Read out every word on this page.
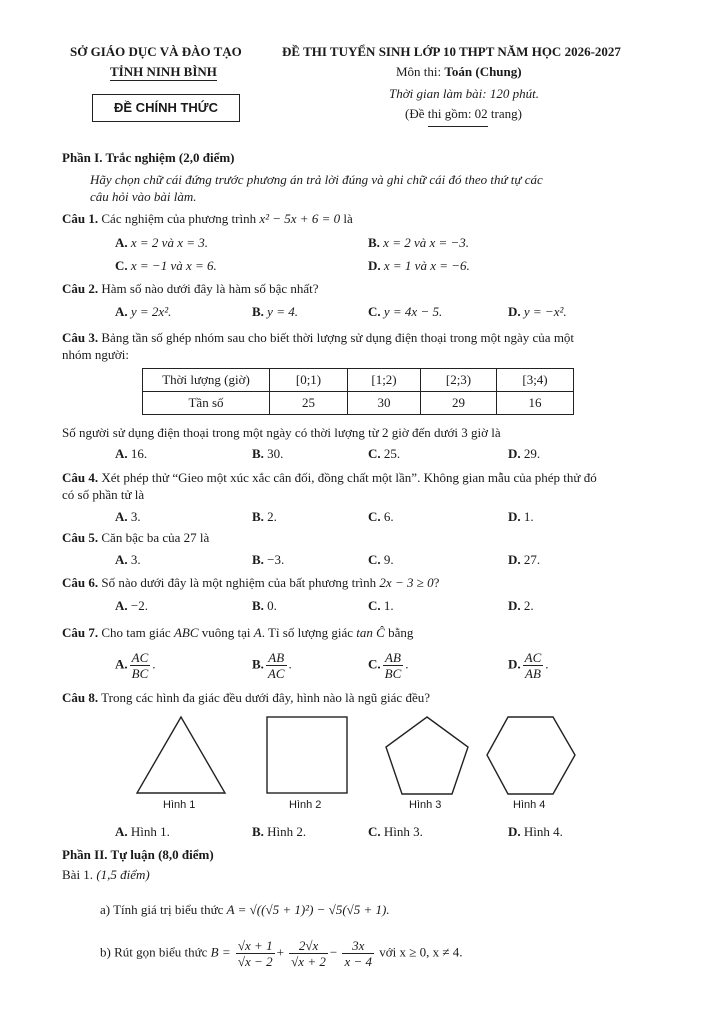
SỞ GIÁO DỤC VÀ ĐÀO TẠO
TỈNH NINH BÌNH
ĐỀ CHÍNH THỨC
ĐỀ THI TUYỂN SINH LỚP 10 THPT NĂM HỌC 2026-2027
Môn thi: Toán (Chung)
Thời gian làm bài: 120 phút.
(Đề thi gồm: 02 trang)
Phần I. Trắc nghiệm (2,0 điểm)
Hãy chọn chữ cái đứng trước phương án trả lời đúng và ghi chữ cái đó theo thứ tự các
câu hỏi vào bài làm.
Câu 1. Các nghiệm của phương trình x² − 5x + 6 = 0 là
A. x = 2 và x = 3.	B. x = 2 và x = −3.
C. x = −1 và x = 6.	D. x = 1 và x = −6.
Câu 2. Hàm số nào dưới đây là hàm số bậc nhất?
A. y = 2x².	B. y = 4.	C. y = 4x − 5.	D. y = −x².
Câu 3. Bảng tần số ghép nhóm sau cho biết thời lượng sử dụng điện thoại trong một ngày của một
nhóm người:
Thời lượng (giờ)	[0;1)	[1;2)	[2;3)	[3;4)
Tần số	25	30	29	16
Số người sử dụng điện thoại trong một ngày có thời lượng từ 2 giờ đến dưới 3 giờ là
A. 16.	B. 30.	C. 25.	D. 29.
Câu 4. Xét phép thử “Gieo một xúc xắc cân đối, đồng chất một lần”. Không gian mẫu của phép thử đó
có số phần tử là
A. 3.	B. 2.	C. 6.	D. 1.
Câu 5. Căn bậc ba của 27 là
A. 3.	B. −3.	C. 9.	D. 27.
Câu 6. Số nào dưới đây là một nghiệm của bất phương trình 2x − 3 ≥ 0?
A. −2.	B. 0.	C. 1.	D. 2.
Câu 7. Cho tam giác ABC vuông tại A. Tỉ số lượng giác tan Ĉ bằng
A. $\frac{AC}{BC}$ .	B. $\frac{AB}{AC}$ .	C. $\frac{AB}{BC}$ .	D. $\frac{AC}{AB}$ .
Câu 8. Trong các hình đa giác đều dưới đây, hình nào là ngũ giác đều?
Hình 1	Hình 2	Hình 3	Hình 4
A. Hình 1.	B. Hình 2.	C. Hình 3.	D. Hình 4.
Phần II. Tự luận (8,0 điểm)
Bài 1. (1,5 điểm)
a) Tính giá trị biểu thức A = √((√5 + 1)²) − √5(√5 + 1).
b) Rút gọn biểu thức $B = \frac{√x + 1}{√x - 2} + \frac{2√x}{√x + 2} - \frac{3x}{x - 4}$ với x ≥ 0, x ≠ 4.
